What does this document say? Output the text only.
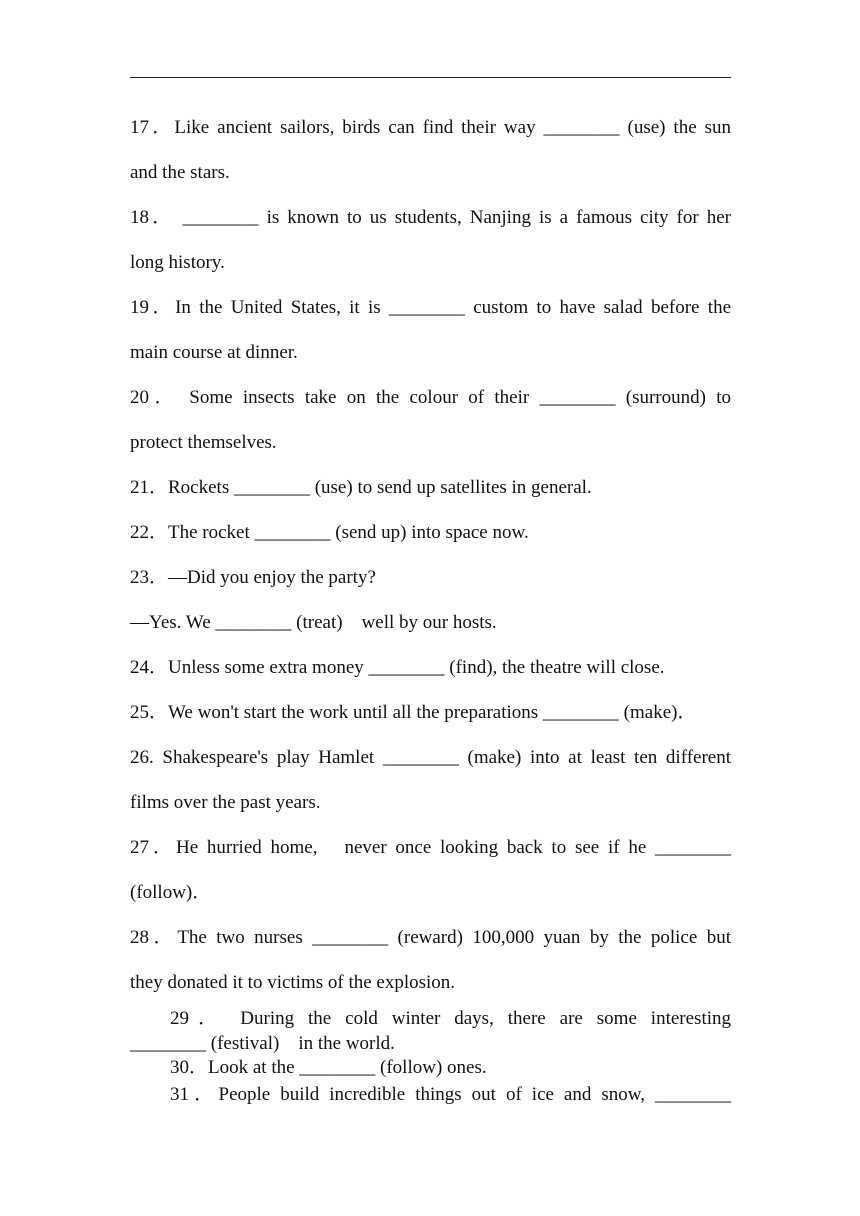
17．Like ancient sailors, birds can find their way ________ (use) the sun
and the stars.
18． ________ is known to us students, Nanjing is a famous city for her
long history.
19．In the United States, it is ________ custom to have salad before the
main course at dinner.
20． Some insects take on the colour of their ________ (surround) to
protect themselves.
21．Rockets ________ (use) to send up satellites in general.
22．The rocket ________ (send up) into space now.
23．—Did you enjoy the party?
—Yes. We ________ (treat)　well by our hosts.
24．Unless some extra money ________ (find), the theatre will close.
25．We won't start the work until all the preparations ________ (make)．
26. Shakespeare's play Hamlet ________ (make) into at least ten different
films over the past years.
27．He hurried home,　never once looking back to see if he ________
(follow)．
28．The two nurses ________ (reward) 100,000 yuan by the police but
they donated it to victims of the explosion.
29． During the cold winter days, there are some interesting
________ (festival)　in the world.
30．Look at the ________ (follow) ones.
31．People build incredible things out of ice and snow, ________
